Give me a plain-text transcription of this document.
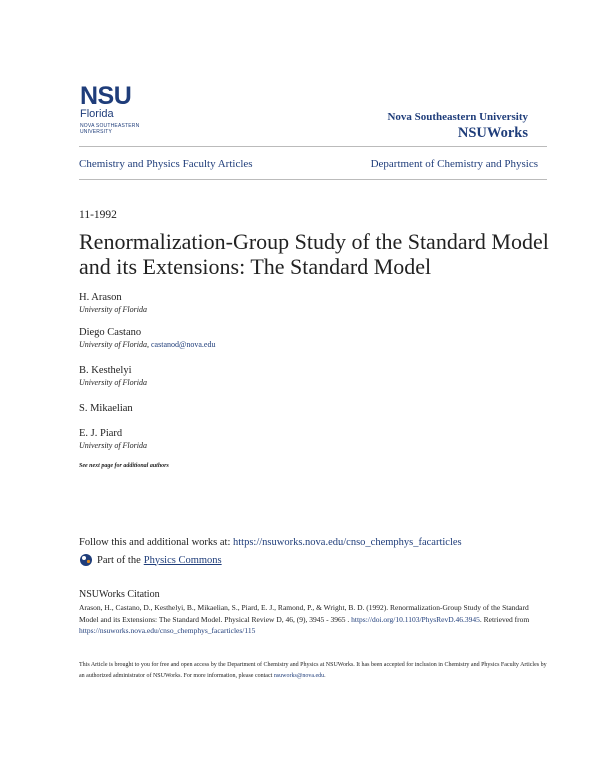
NSU
Florida
NOVA SOUTHEASTERN UNIVERSITY
Nova Southeastern University
NSUWorks
Chemistry and Physics Faculty Articles	Department of Chemistry and Physics
11-1992
Renormalization-Group Study of the Standard Model and its Extensions: The Standard Model
H. Arason
University of Florida
Diego Castano
University of Florida, castanod@nova.edu
B. Kesthelyi
University of Florida
S. Mikaelian
E. J. Piard
University of Florida
See next page for additional authors
Follow this and additional works at: https://nsuworks.nova.edu/cnso_chemphys_facarticles
Part of the Physics Commons
NSUWorks Citation
Arason, H., Castano, D., Kesthelyi, B., Mikaelian, S., Piard, E. J., Ramond, P., & Wright, B. D. (1992). Renormalization-Group Study of the Standard Model and its Extensions: The Standard Model. Physical Review D, 46, (9), 3945 - 3965 . https://doi.org/10.1103/PhysRevD.46.3945. Retrieved from https://nsuworks.nova.edu/cnso_chemphys_facarticles/115
This Article is brought to you for free and open access by the Department of Chemistry and Physics at NSUWorks. It has been accepted for inclusion in Chemistry and Physics Faculty Articles by an authorized administrator of NSUWorks. For more information, please contact nsuworks@nova.edu.
